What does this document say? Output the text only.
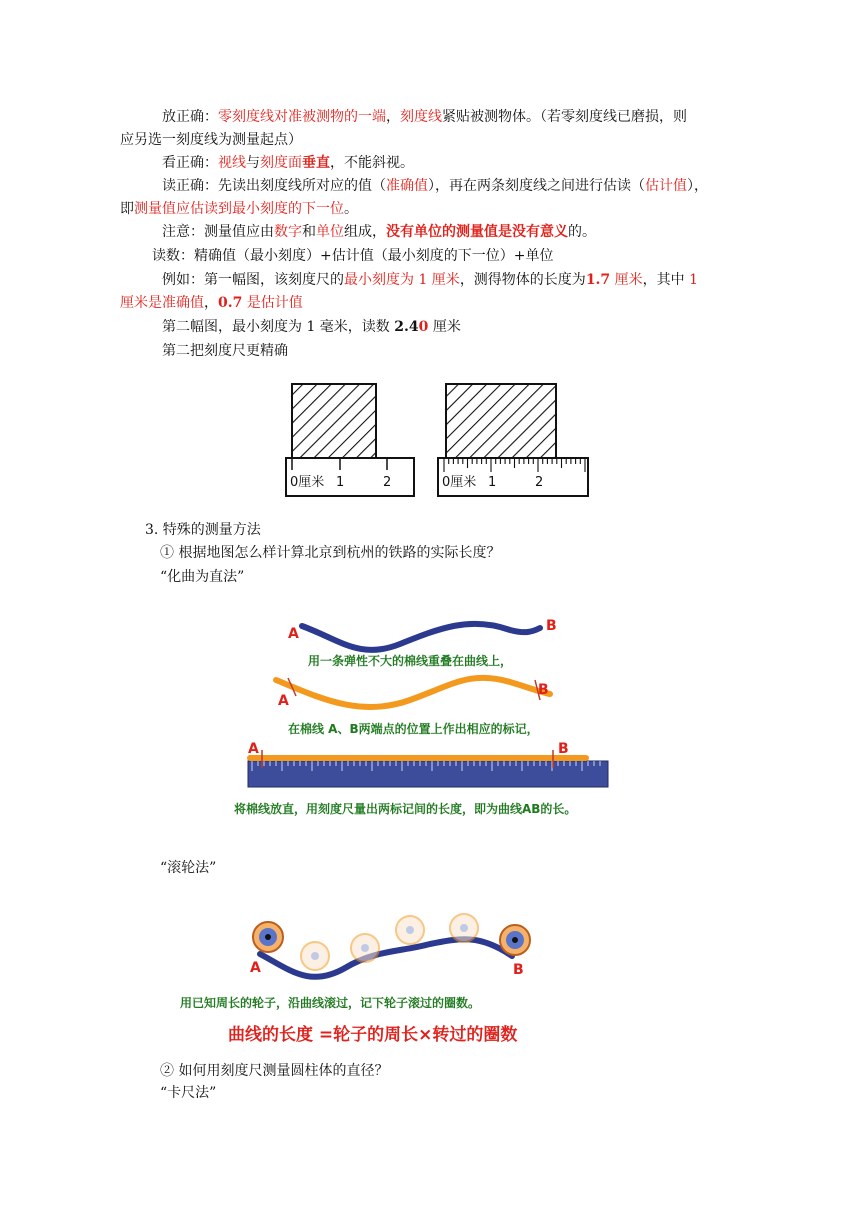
放正确：零刻度线对准被测物的一端，刻度线紧贴被测物体。（若零刻度线已磨损，则
应另选一刻度线为测量起点）
看正确：视线与刻度面垂直，不能斜视。
读正确：先读出刻度线所对应的值（准确值），再在两条刻度线之间进行估读（估计值），
即测量值应估读到最小刻度的下一位。
注意：测量值应由数字和单位组成，没有单位的测量值是没有意义的。
读数：精确值（最小刻度）+估计值（最小刻度的下一位）+单位
例如：第一幅图，该刻度尺的最小刻度为 1 厘米，测得物体的长度为1.7 厘米，其中 1
厘米是准确值，0.7 是估计值
第二幅图，最小刻度为 1 毫米，读数 2.40 厘米
第二把刻度尺更精确
0厘米 1	2	0厘米 1	2
3. 特殊的测量方法
① 根据地图怎么样计算北京到杭州的铁路的实际长度？
“化曲为直法”
A	B
A
B
A	B
用一条弹性不大的棉线重叠在曲线上，
在棉线 A、B两端点的位置上作出相应的标记，
将棉线放直，用刻度尺量出两标记间的长度，即为曲线AB的长。
“滚轮法”
A	B
用已知周长的轮子，沿曲线滚过，记下轮子滚过的圈数。
曲线的长度 =轮子的周长×转过的圈数
② 如何用刻度尺测量圆柱体的直径？
“卡尺法”
